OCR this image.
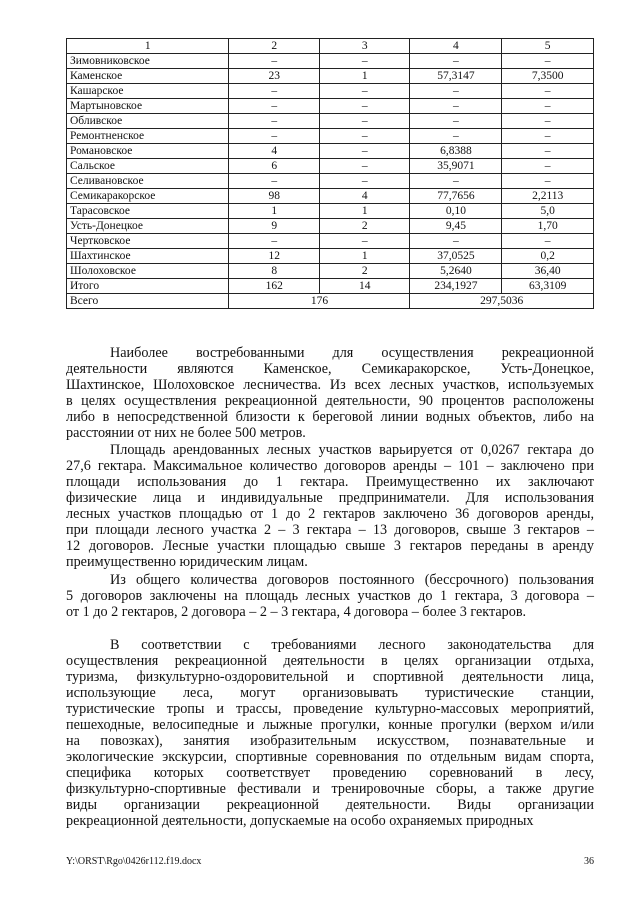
1	2	3	4	5
Зимовниковское	–	–	–	–
Каменское	23	1	57,3147	7,3500
Кашарское	–	–	–	–
Мартыновское	–	–	–	–
Обливское	–	–	–	–
Ремонтненское	–	–	–	–
Романовское	4	–	6,8388	–
Сальское	6	–	35,9071	–
Селивановское	–	–	–	–
Семикаракорское	98	4	77,7656	2,2113
Тарасовское	1	1	0,10	5,0
Усть-Донецкое	9	2	9,45	1,70
Чертковское	–	–	–	–
Шахтинское	12	1	37,0525	0,2
Шолоховское	8	2	5,2640	36,40
Итого	162	14	234,1927	63,3109
Всего	176		297,5036	
Наиболее востребованными для осуществления рекреационной
деятельности являются Каменское, Семикаракорское, Усть-Донецкое,
Шахтинское, Шолоховское лесничества. Из всех лесных участков, используемых
в целях осуществления рекреационной деятельности, 90 процентов расположены
либо в непосредственной близости к береговой линии водных объектов, либо на
расстоянии от них не более 500 метров.
Площадь арендованных лесных участков варьируется от 0,0267 гектара до
27,6 гектара. Максимальное количество договоров аренды – 101 – заключено при
площади использования до 1 гектара. Преимущественно их заключают
физические лица и индивидуальные предприниматели. Для использования
лесных участков площадью от 1 до 2 гектаров заключено 36 договоров аренды,
при площади лесного участка 2 – 3 гектара – 13 договоров, свыше 3 гектаров –
12 договоров. Лесные участки площадью свыше 3 гектаров переданы в аренду
преимущественно юридическим лицам.
Из общего количества договоров постоянного (бессрочного) пользования
5 договоров заключены на площадь лесных участков до 1 гектара, 3 договора –
от 1 до 2 гектаров, 2 договора – 2 – 3 гектара, 4 договора – более 3 гектаров.
В соответствии с требованиями лесного законодательства для
осуществления рекреационной деятельности в целях организации отдыха,
туризма, физкультурно-оздоровительной и спортивной деятельности лица,
использующие леса, могут организовывать туристические станции,
туристические тропы и трассы, проведение культурно-массовых мероприятий,
пешеходные, велосипедные и лыжные прогулки, конные прогулки (верхом и/или
на повозках), занятия изобразительным искусством, познавательные и
экологические экскурсии, спортивные соревнования по отдельным видам спорта,
специфика которых соответствует проведению соревнований в лесу,
физкультурно-спортивные фестивали и тренировочные сборы, а также другие
виды организации рекреационной деятельности. Виды организации
рекреационной деятельности, допускаемые на особо охраняемых природных
Y:\ORST\Rgo\0426r112.f19.docx	36
